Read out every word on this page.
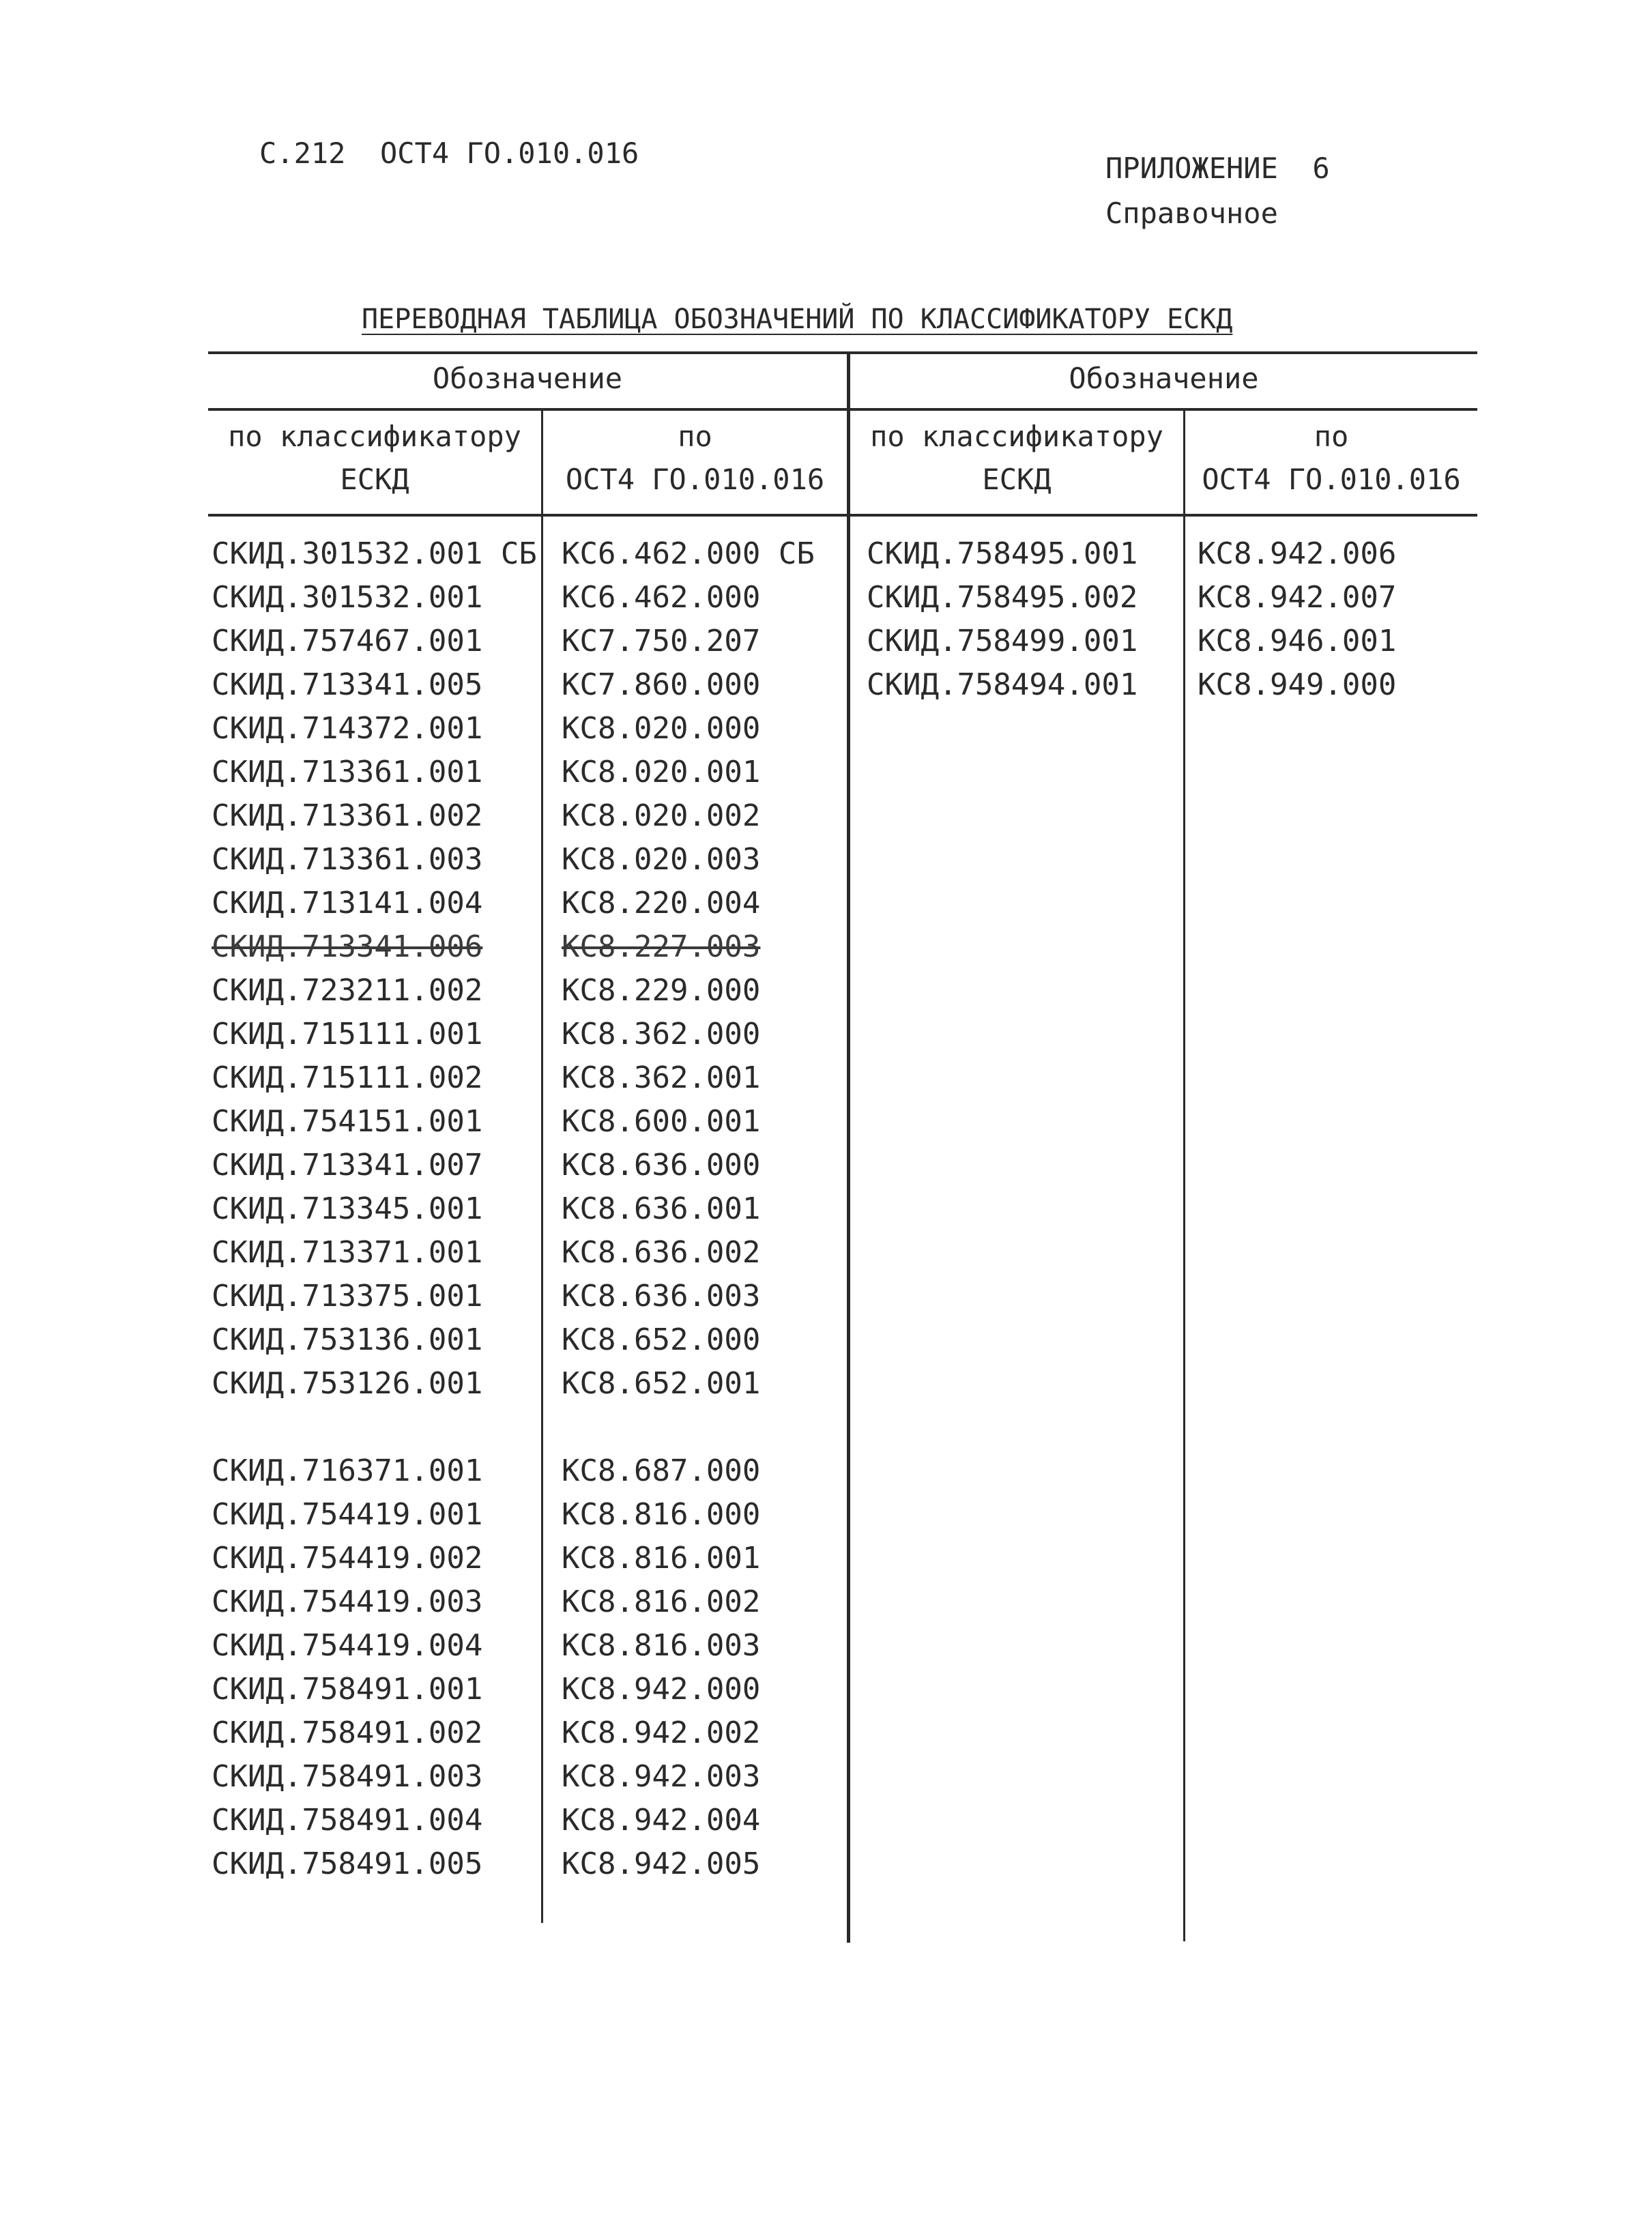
С.212  ОСТ4 ГО.010.016	ПРИЛОЖЕНИЕ  6
Справочное
ПЕРЕВОДНАЯ ТАБЛИЦА ОБОЗНАЧЕНИЙ ПО КЛАССИФИКАТОРУ ЕСКД
Обозначение	Обозначение
по классификатору
ЕСКД
по
ОСТ4 ГО.010.016
по классификатору
ЕСКД
по
ОСТ4 ГО.010.016
СКИД.301532.001 СБ
СКИД.301532.001
СКИД.757467.001
СКИД.713341.005
СКИД.714372.001
СКИД.713361.001
СКИД.713361.002
СКИД.713361.003
СКИД.713141.004
СКИД.713341.006
СКИД.723211.002
СКИД.715111.001
СКИД.715111.002
СКИД.754151.001
СКИД.713341.007
СКИД.713345.001
СКИД.713371.001
СКИД.713375.001
СКИД.753136.001
СКИД.753126.001
СКИД.716371.001
СКИД.754419.001
СКИД.754419.002
СКИД.754419.003
СКИД.754419.004
СКИД.758491.001
СКИД.758491.002
СКИД.758491.003
СКИД.758491.004
СКИД.758491.005
КС6.462.000 СБ
КС6.462.000
КС7.750.207
КС7.860.000
КС8.020.000
КС8.020.001
КС8.020.002
КС8.020.003
КС8.220.004
КС8.227.003
КС8.229.000
КС8.362.000
КС8.362.001
КС8.600.001
КС8.636.000
КС8.636.001
КС8.636.002
КС8.636.003
КС8.652.000
КС8.652.001
КС8.687.000
КС8.816.000
КС8.816.001
КС8.816.002
КС8.816.003
КС8.942.000
КС8.942.002
КС8.942.003
КС8.942.004
КС8.942.005
СКИД.758495.001
СКИД.758495.002
СКИД.758499.001
СКИД.758494.001
КС8.942.006
КС8.942.007
КС8.946.001
КС8.949.000
